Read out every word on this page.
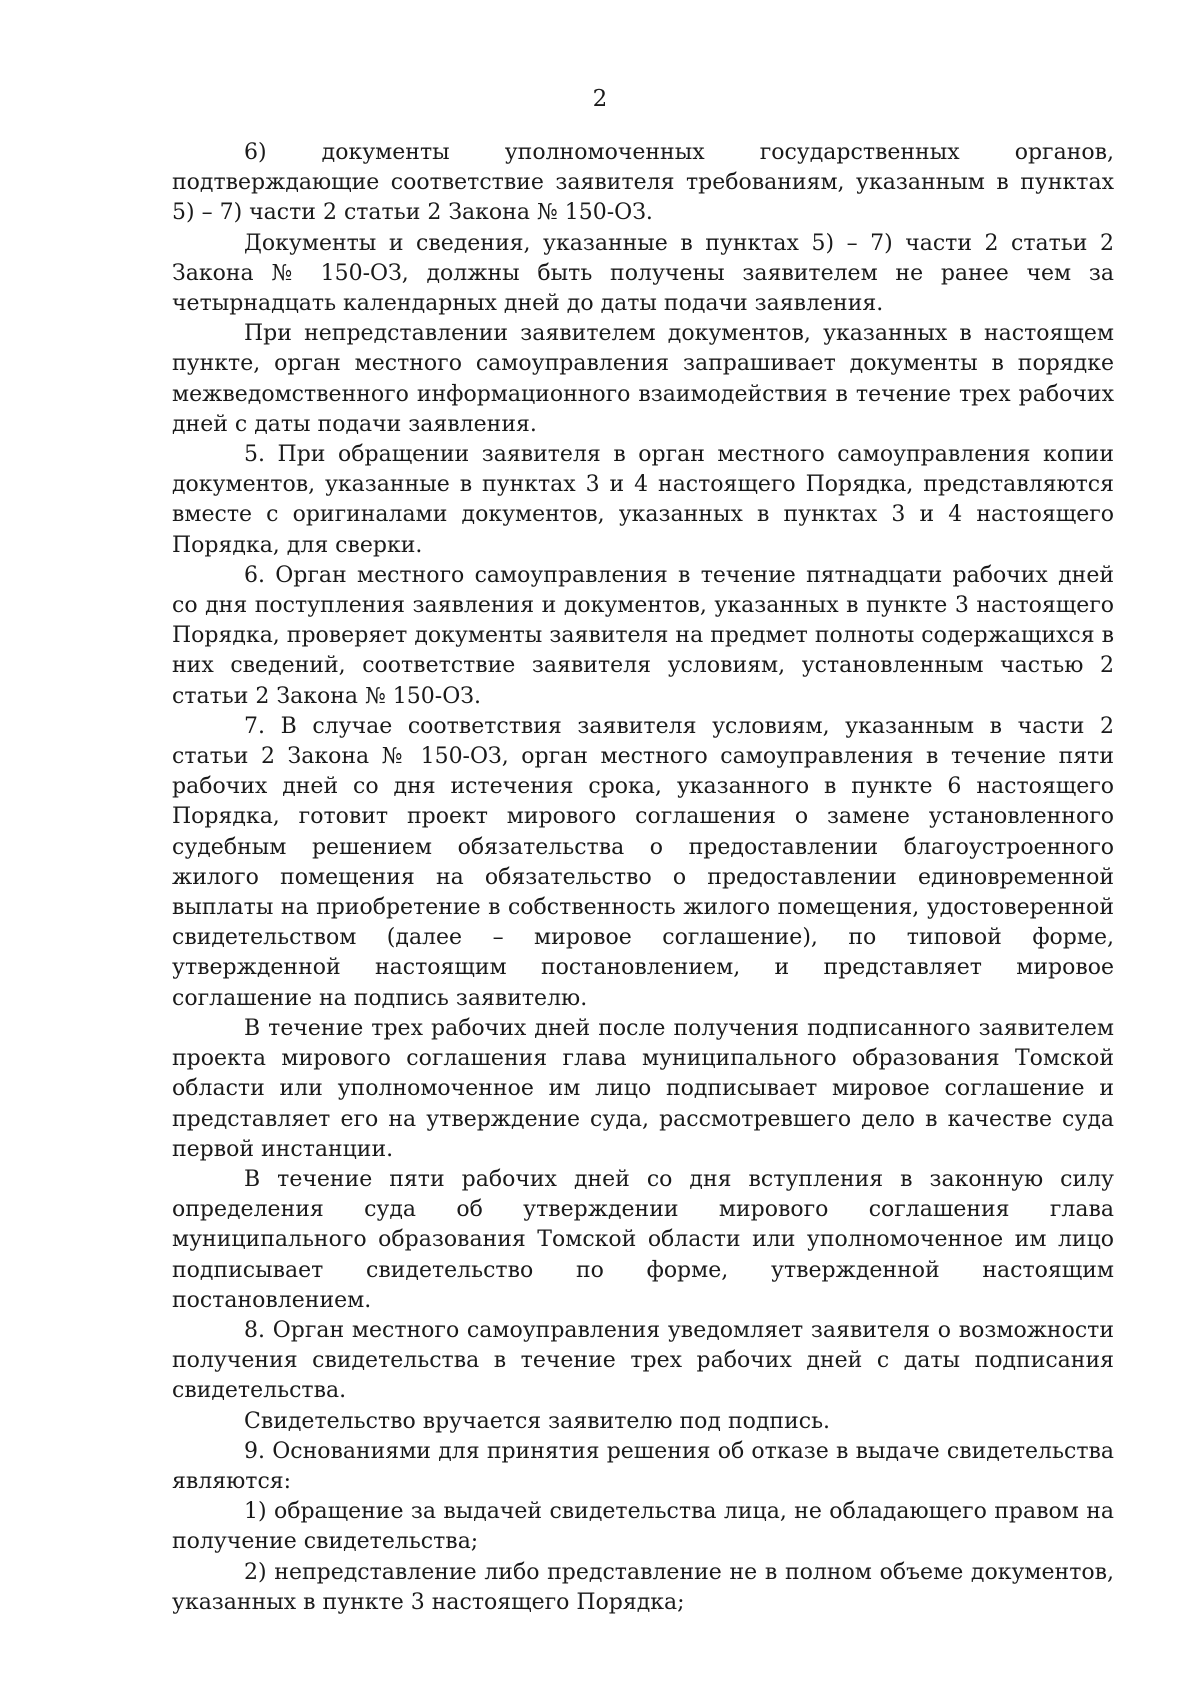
2

6) документы уполномоченных государственных органов, подтверждающие соответствие заявителя требованиям, указанным в пунктах 5) – 7) части 2 статьи 2 Закона № 150-ОЗ.

Документы и сведения, указанные в пунктах 5) – 7) части 2 статьи 2 Закона № 150-ОЗ, должны быть получены заявителем не ранее чем за четырнадцать календарных дней до даты подачи заявления.

При непредставлении заявителем документов, указанных в настоящем пункте, орган местного самоуправления запрашивает документы в порядке межведомственного информационного взаимодействия в течение трех рабочих дней с даты подачи заявления.

5. При обращении заявителя в орган местного самоуправления копии документов, указанные в пунктах 3 и 4 настоящего Порядка, представляются вместе с оригиналами документов, указанных в пунктах 3 и 4 настоящего Порядка, для сверки.

6. Орган местного самоуправления в течение пятнадцати рабочих дней со дня поступления заявления и документов, указанных в пункте 3 настоящего Порядка, проверяет документы заявителя на предмет полноты содержащихся в них сведений, соответствие заявителя условиям, установленным частью 2 статьи 2 Закона № 150-ОЗ.

7. В случае соответствия заявителя условиям, указанным в части 2 статьи 2 Закона № 150-ОЗ, орган местного самоуправления в течение пяти рабочих дней со дня истечения срока, указанного в пункте 6 настоящего Порядка, готовит проект мирового соглашения о замене установленного судебным решением обязательства о предоставлении благоустроенного жилого помещения на обязательство о предоставлении единовременной выплаты на приобретение в собственность жилого помещения, удостоверенной свидетельством (далее – мировое соглашение), по типовой форме, утвержденной настоящим постановлением, и представляет мировое соглашение на подпись заявителю.

В течение трех рабочих дней после получения подписанного заявителем проекта мирового соглашения глава муниципального образования Томской области или уполномоченное им лицо подписывает мировое соглашение и представляет его на утверждение суда, рассмотревшего дело в качестве суда первой инстанции.

В течение пяти рабочих дней со дня вступления в законную силу определения суда об утверждении мирового соглашения глава муниципального образования Томской области или уполномоченное им лицо подписывает свидетельство по форме, утвержденной настоящим постановлением.

8. Орган местного самоуправления уведомляет заявителя о возможности получения свидетельства в течение трех рабочих дней с даты подписания свидетельства.

Свидетельство вручается заявителю под подпись.

9. Основаниями для принятия решения об отказе в выдаче свидетельства являются:

1) обращение за выдачей свидетельства лица, не обладающего правом на получение свидетельства;

2) непредставление либо представление не в полном объеме документов, указанных в пункте 3 настоящего Порядка;
